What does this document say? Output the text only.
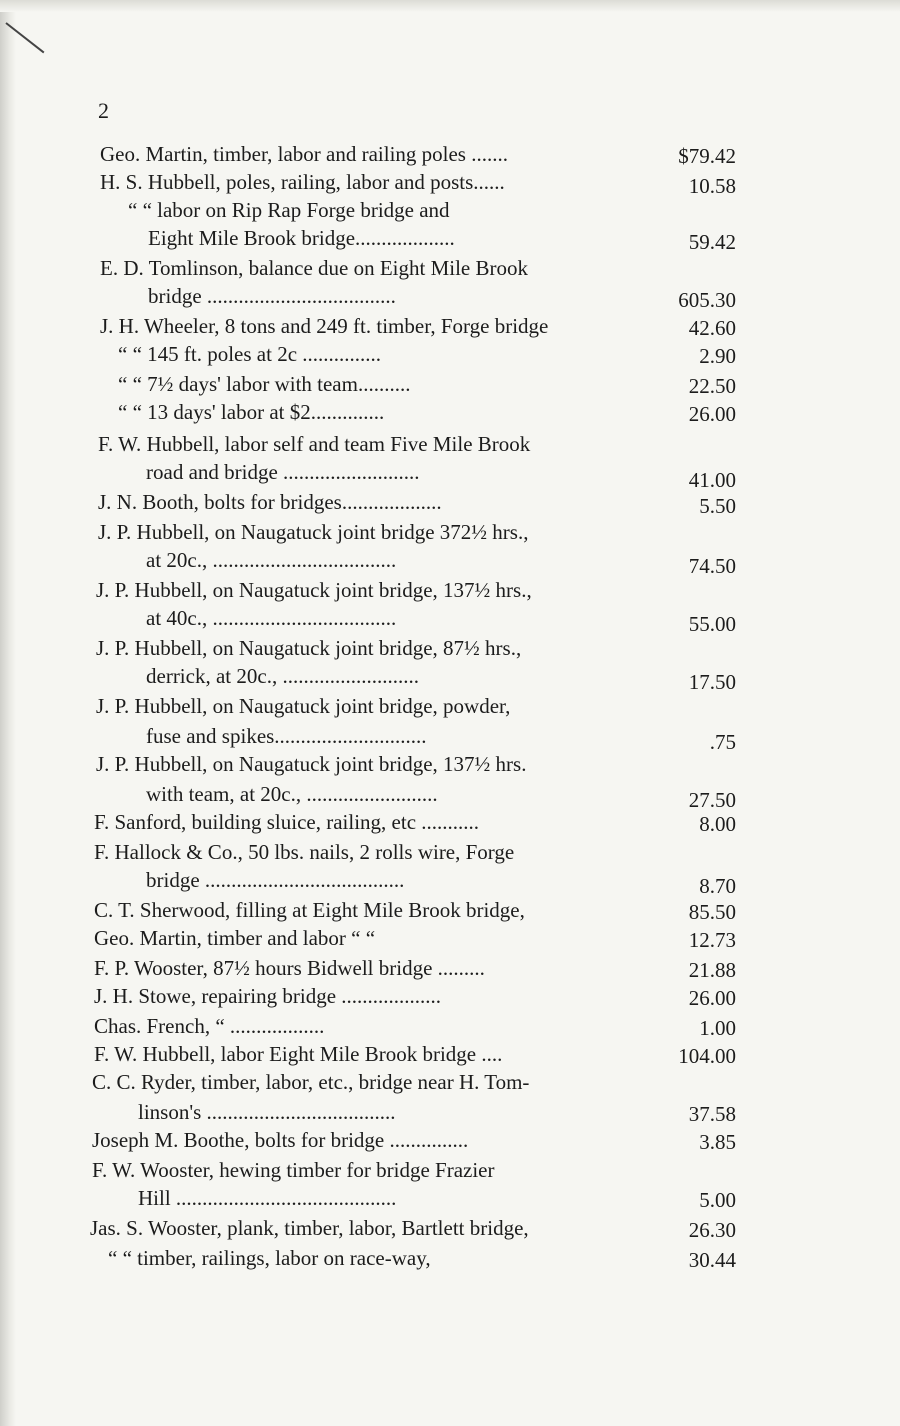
2
Geo. Martin, timber, labor and railing poles .......	$79.42
H. S. Hubbell, poles, railing, labor and posts......	10.58
“ “ labor on Rip Rap Forge bridge and
Eight Mile Brook bridge...................	59.42
E. D. Tomlinson, balance due on Eight Mile Brook
bridge ....................................	605.30
J. H. Wheeler, 8 tons and 249 ft. timber, Forge bridge	42.60
“ “ 145 ft. poles at 2c ...............	2.90
“ “ 7½ days' labor with team..........	22.50
“ “ 13 days' labor at $2..............	26.00
F. W. Hubbell, labor self and team Five Mile Brook
road and bridge ..........................	41.00
J. N. Booth, bolts for bridges...................	5.50
J. P. Hubbell, on Naugatuck joint bridge 372½ hrs.,
at 20c., ...................................	74.50
J. P. Hubbell, on Naugatuck joint bridge, 137½ hrs.,
at 40c., ...................................	55.00
J. P. Hubbell, on Naugatuck joint bridge, 87½ hrs.,
derrick, at 20c., ..........................	17.50
J. P. Hubbell, on Naugatuck joint bridge, powder,
fuse and spikes.............................	.75
J. P. Hubbell, on Naugatuck joint bridge, 137½ hrs.
with team, at 20c., .........................	27.50
F. Sanford, building sluice, railing, etc ...........	8.00
F. Hallock & Co., 50 lbs. nails, 2 rolls wire, Forge
bridge ......................................	8.70
C. T. Sherwood, filling at Eight Mile Brook bridge,	85.50
Geo. Martin, timber and labor “ “	12.73
F. P. Wooster, 87½ hours Bidwell bridge .........	21.88
J. H. Stowe, repairing bridge ...................	26.00
Chas. French, “ ..................	1.00
F. W. Hubbell, labor Eight Mile Brook bridge ....	104.00
C. C. Ryder, timber, labor, etc., bridge near H. Tom-
linson's ....................................	37.58
Joseph M. Boothe, bolts for bridge ...............	3.85
F. W. Wooster, hewing timber for bridge Frazier
Hill ..........................................	5.00
Jas. S. Wooster, plank, timber, labor, Bartlett bridge,	26.30
“ “ timber, railings, labor on race-way,	30.44
